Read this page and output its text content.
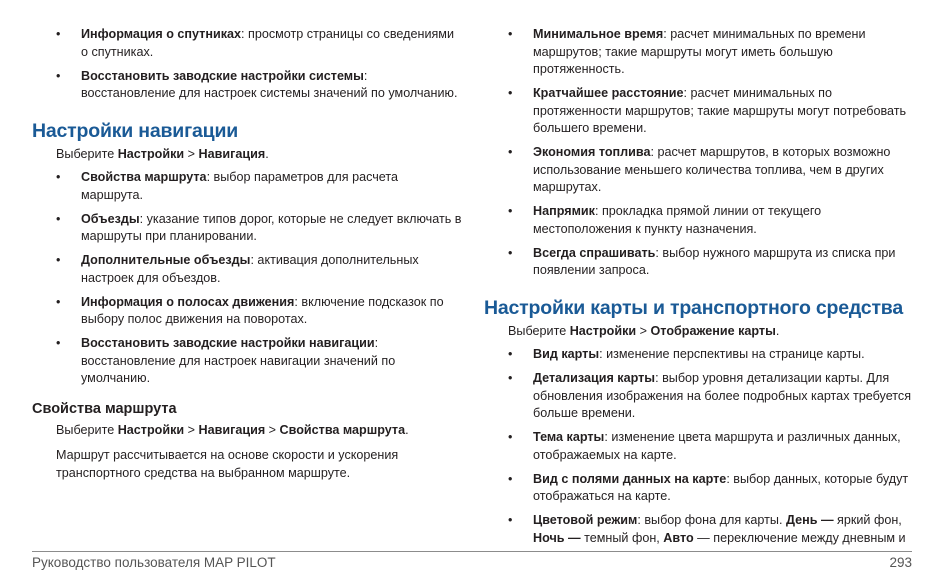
• Информация о спутниках: просмотр страницы со сведениями о спутниках.
• Восстановить заводские настройки системы: восстановление для настроек системы значений по умолчанию.
Настройки навигации

Выберите Настройки > Навигация.

• Свойства маршрута: выбор параметров для расчета маршрута.
• Объезды: указание типов дорог, которые не следует включать в маршруты при планировании.
• Дополнительные объезды: активация дополнительных настроек для объездов.
• Информация о полосах движения: включение подсказок по выбору полос движения на поворотах.
• Восстановить заводские настройки навигации: восстановление для настроек навигации значений по умолчанию.
Свойства маршрута

Выберите Настройки > Навигация > Свойства маршрута.

Маршрут рассчитывается на основе скорости и ускорения транспортного средства на выбранном маршруте.

• Минимальное время: расчет минимальных по времени маршрутов; такие маршруты могут иметь большую протяженность.
• Кратчайшее расстояние: расчет минимальных по протяженности маршрутов; такие маршруты могут потребовать большего времени.
• Экономия топлива: расчет маршрутов, в которых возможно использование меньшего количества топлива, чем в других маршрутах.
• Напрямик: прокладка прямой линии от текущего местоположения к пункту назначения.
• Всегда спрашивать: выбор нужного маршрута из списка при появлении запроса.
Настройки карты и транспортного средства

Выберите Настройки > Отображение карты.

• Вид карты: изменение перспективы на странице карты.
• Детализация карты: выбор уровня детализации карты. Для обновления изображения на более подробных картах требуется больше времени.
• Тема карты: изменение цвета маршрута и различных данных, отображаемых на карте.
• Вид с полями данных на карте: выбор данных, которые будут отображаться на карте.
• Цветовой режим: выбор фона для карты. День — яркий фон, Ночь — темный фон, Авто — переключение между дневным и
Руководство пользователя MAP PILOT	293
